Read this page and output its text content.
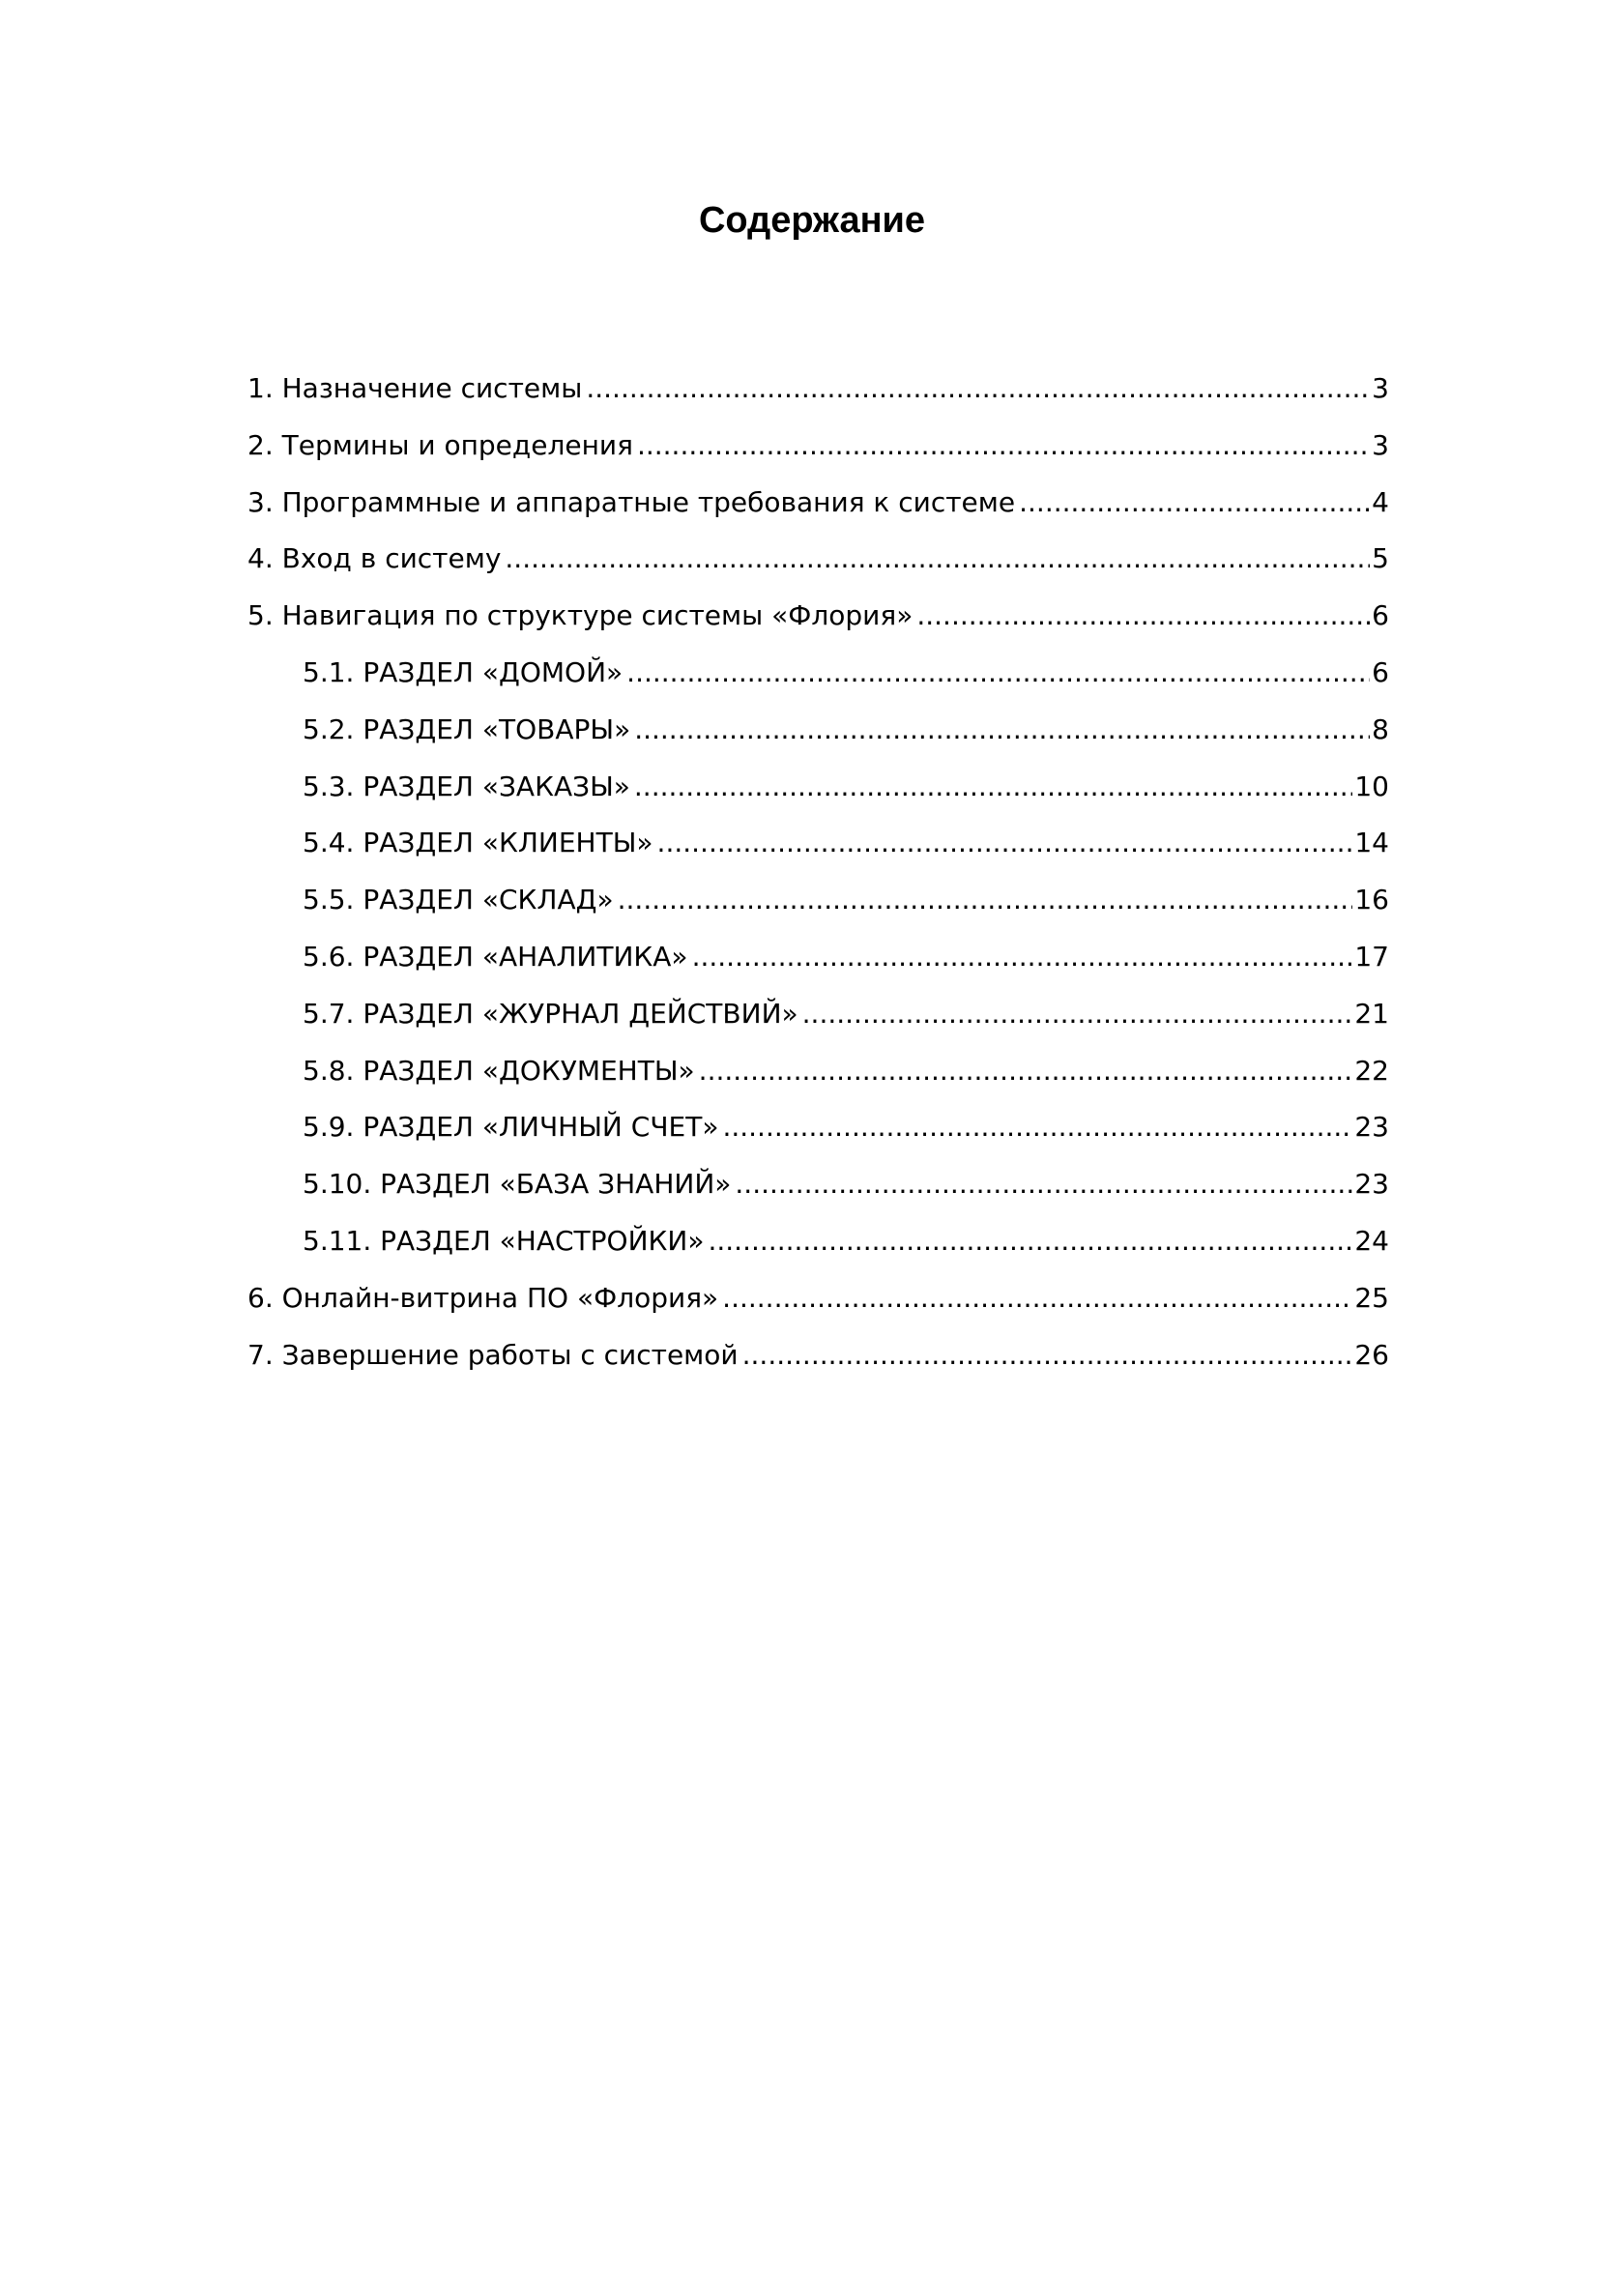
Содержание
1. Назначение системы .....	3
2. Термины и определения .....	3
3. Программные и аппаратные требования к системе .....	4
4. Вход в систему .....	5
5. Навигация по структуре системы «Флория» .....	6
5.1. РАЗДЕЛ «ДОМОЙ» .....	6
5.2. РАЗДЕЛ «ТОВАРЫ» .....	8
5.3. РАЗДЕЛ «ЗАКАЗЫ» .....	10
5.4. РАЗДЕЛ «КЛИЕНТЫ» .....	14
5.5. РАЗДЕЛ «СКЛАД» .....	16
5.6. РАЗДЕЛ «АНАЛИТИКА» .....	17
5.7. РАЗДЕЛ «ЖУРНАЛ ДЕЙСТВИЙ» .....	21
5.8. РАЗДЕЛ «ДОКУМЕНТЫ» .....	22
5.9. РАЗДЕЛ «ЛИЧНЫЙ СЧЕТ» .....	23
5.10. РАЗДЕЛ «БАЗА ЗНАНИЙ» .....	23
5.11. РАЗДЕЛ «НАСТРОЙКИ» .....	24
6. Онлайн-витрина ПО «Флория» .....	25
7. Завершение работы с системой .....	26
